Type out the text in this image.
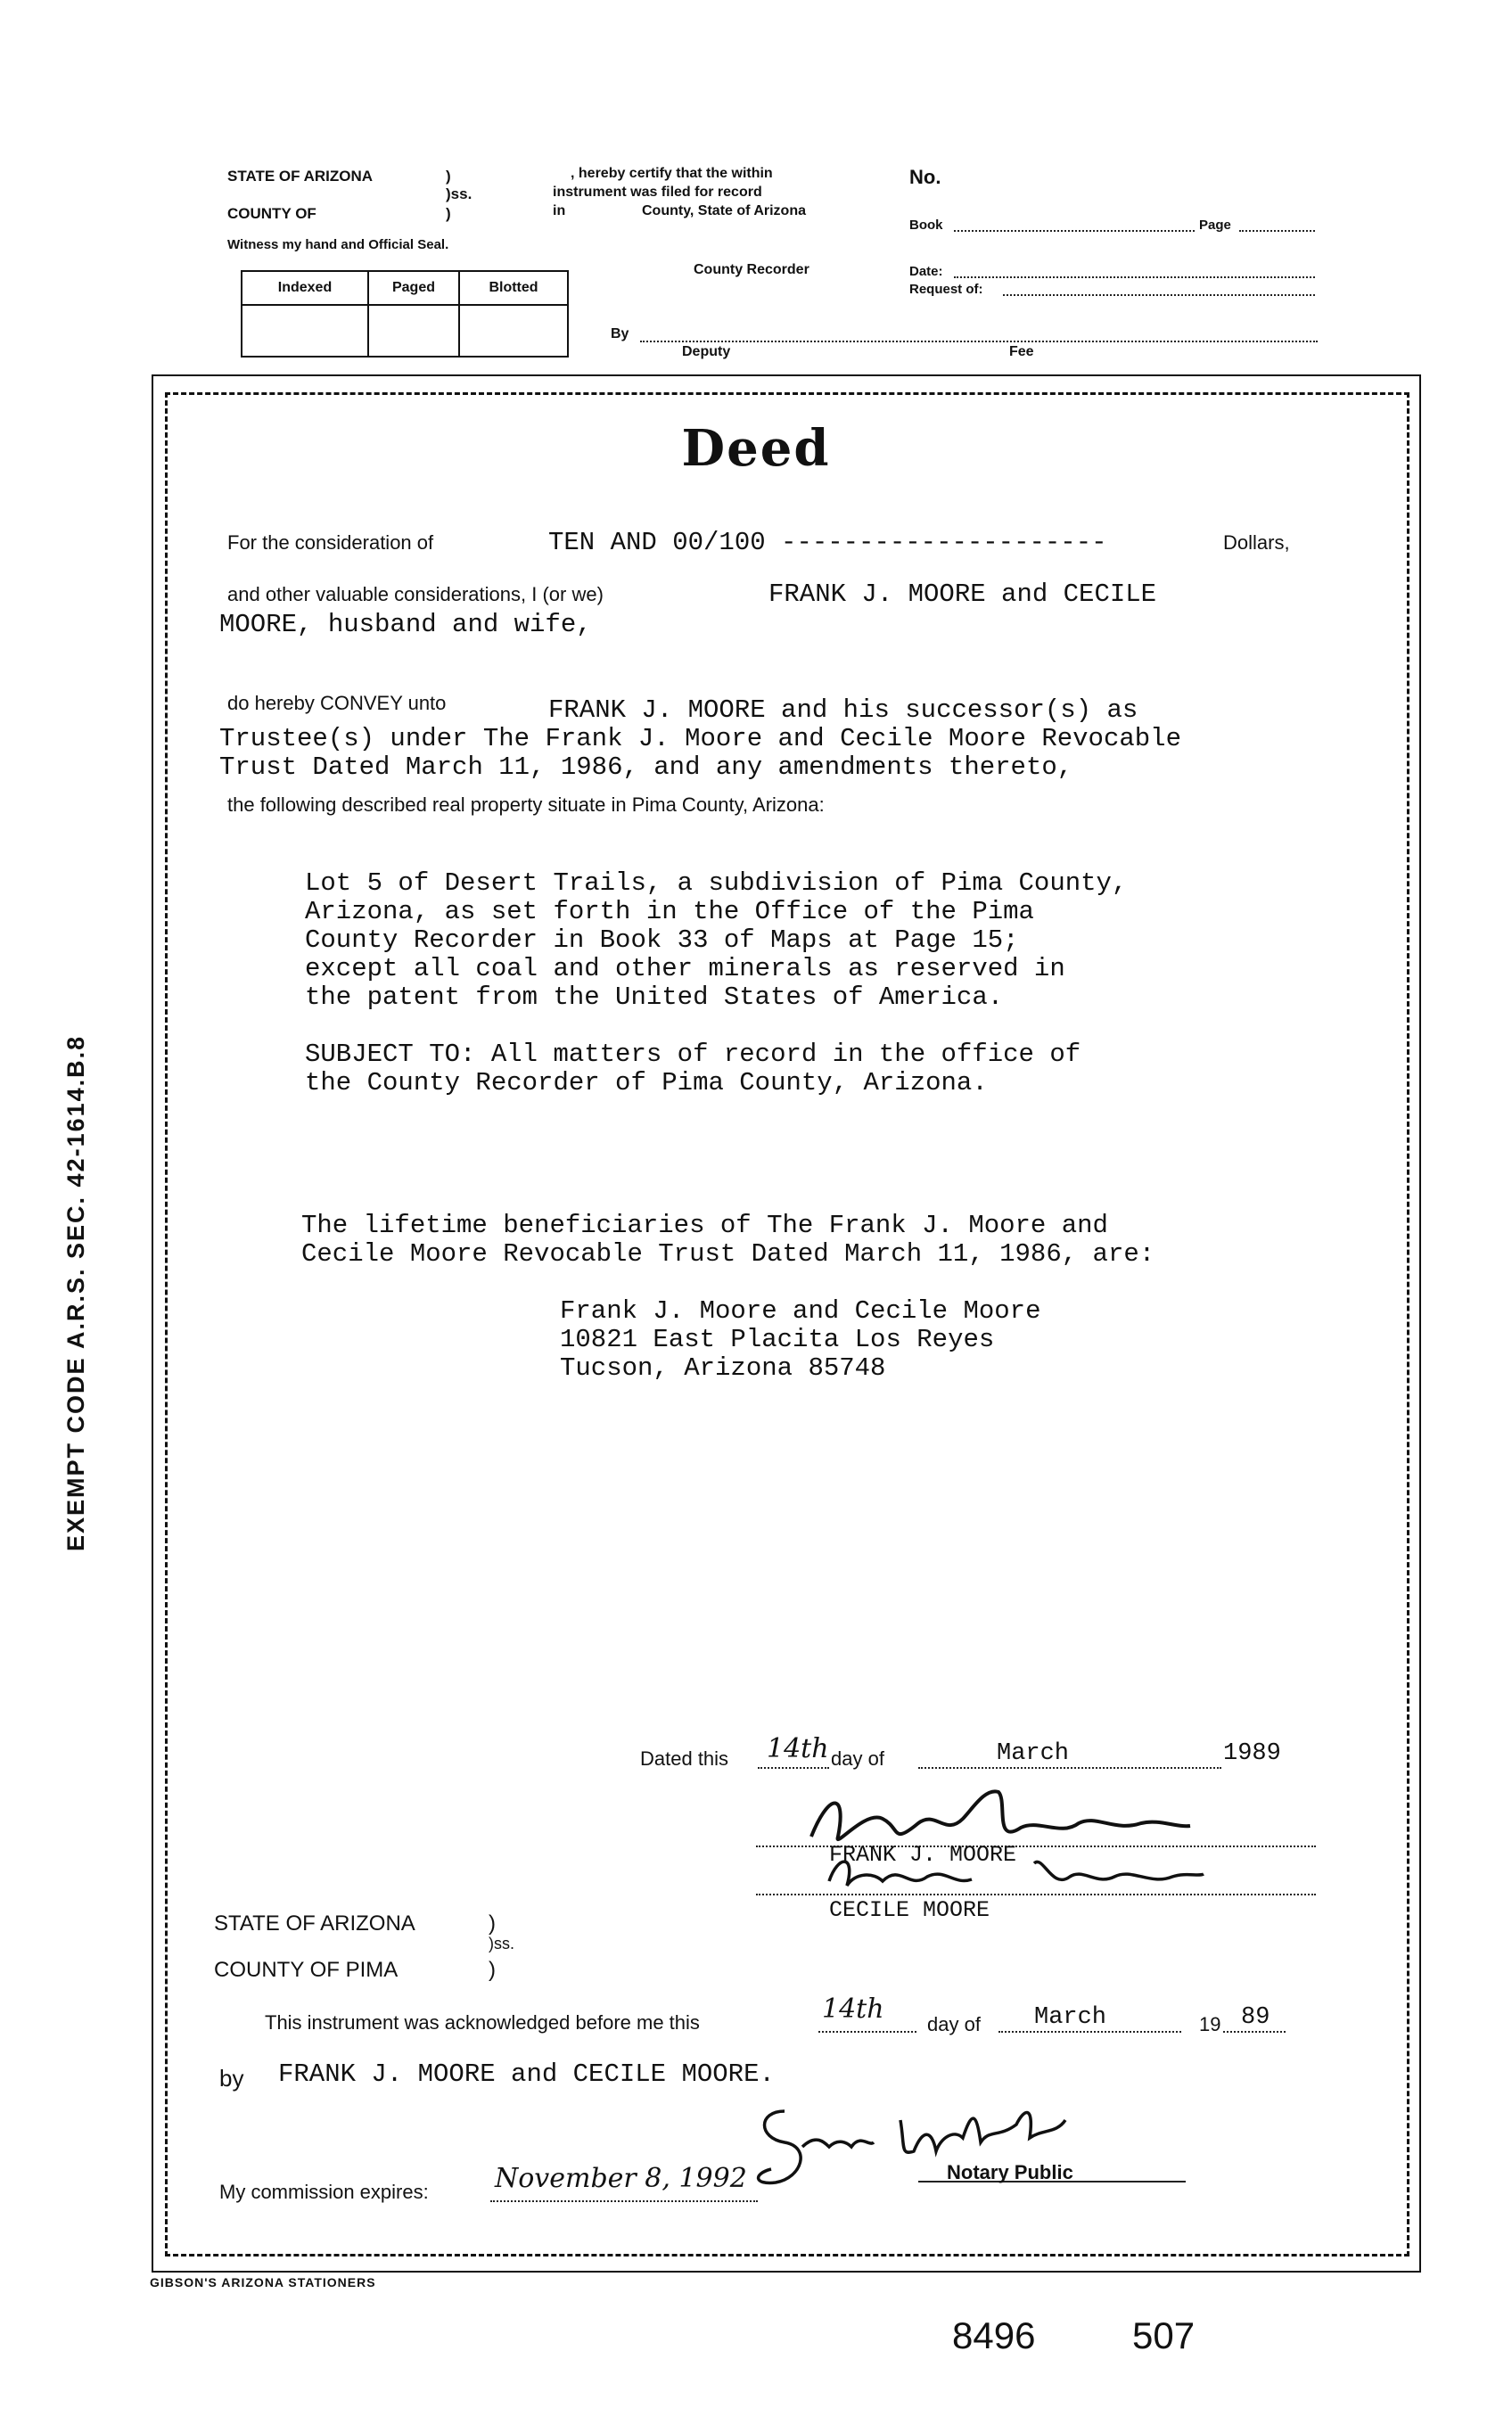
STATE OF ARIZONA	)
)ss.
COUNTY OF	)
Witness my hand and Official Seal.
, hereby certify that the within
instrument was filed for record
in	County, State of Arizona
County Recorder
By
Deputy	Fee
No.
Book	Page
Date:
Request of:
Indexed	Paged	Blotted

EXEMPT CODE A.R.S. SEC. 42-1614.B.8
Deed
For the consideration of	TEN AND 00/100 ---------------------	Dollars,
and other valuable considerations, I (or we)	FRANK J. MOORE and CECILE
MOORE, husband and wife,
do hereby CONVEY unto	FRANK J. MOORE and his successor(s) as
Trustee(s) under The Frank J. Moore and Cecile Moore Revocable
Trust Dated March 11, 1986, and any amendments thereto,
the following described real property situate in Pima County, Arizona:
Lot 5 of Desert Trails, a subdivision of Pima County,
Arizona, as set forth in the Office of the Pima
County Recorder in Book 33 of Maps at Page 15;
except all coal and other minerals as reserved in
the patent from the United States of America.
SUBJECT TO: All matters of record in the office of
the County Recorder of Pima County, Arizona.
The lifetime beneficiaries of The Frank J. Moore and
Cecile Moore Revocable Trust Dated March 11, 1986, are:
Frank J. Moore and Cecile Moore
10821 East Placita Los Reyes
Tucson, Arizona 85748
Dated this 14th day of	March	1989
FRANK J. MOORE
CECILE MOORE
STATE OF ARIZONA	)
)ss.
COUNTY OF PIMA	)
This instrument was acknowledged before me this	14th day of March	19 89
by FRANK J. MOORE and CECILE MOORE.
My commission expires: November 8, 1992	Notary Public
GIBSON'S ARIZONA STATIONERS
8496	507
